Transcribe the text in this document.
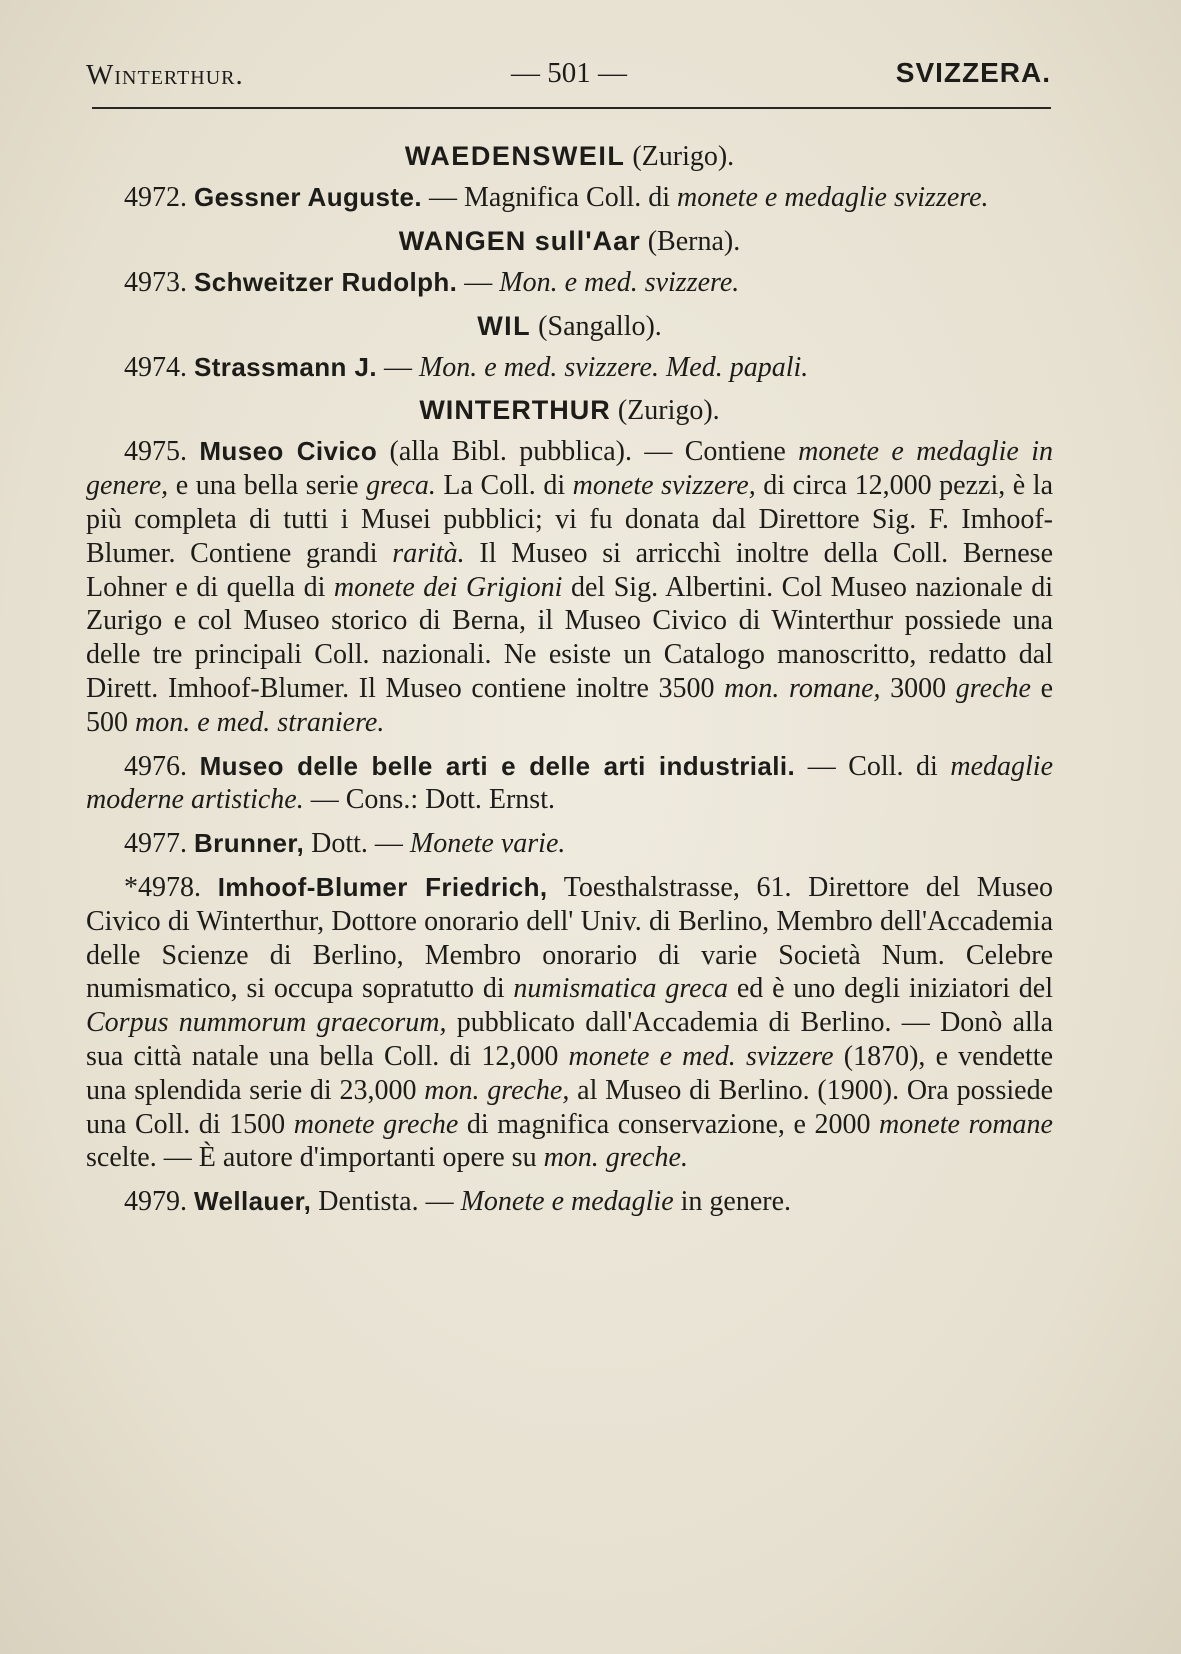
Winterthur.	— 501 —	SVIZZERA.
WAEDENSWEIL (Zurigo).

4972. Gessner Auguste. — Magnifica Coll. di monete e medaglie svizzere.

WANGEN sull'Aar (Berna).

4973. Schweitzer Rudolph. — Mon. e med. svizzere.

WIL (Sangallo).

4974. Strassmann J. — Mon. e med. svizzere. Med. papali.

WINTERTHUR (Zurigo).

4975. Museo Civico (alla Bibl. pubblica). — Contiene monete e medaglie in genere, e una bella serie greca. La Coll. di monete svizzere, di circa 12,000 pezzi, è la più completa di tutti i Musei pubblici; vi fu donata dal Direttore Sig. F. Imhoof-Blumer. Contiene grandi rarità. Il Museo si arricchì inoltre della Coll. Bernese Lohner e di quella di monete dei Grigioni del Sig. Albertini. Col Museo nazionale di Zurigo e col Museo storico di Berna, il Museo Civico di Winterthur possiede una delle tre principali Coll. nazionali. Ne esiste un Catalogo manoscritto, redatto dal Dirett. Imhoof-Blumer. Il Museo contiene inoltre 3500 mon. romane, 3000 greche e 500 mon. e med. straniere.

4976. Museo delle belle arti e delle arti industriali. — Coll. di medaglie moderne artistiche. — Cons.: Dott. Ernst.

4977. Brunner, Dott. — Monete varie.

*4978. Imhoof-Blumer Friedrich, Toesthalstrasse, 61. Direttore del Museo Civico di Winterthur, Dottore onorario dell' Univ. di Berlino, Membro dell'Accademia delle Scienze di Berlino, Membro onorario di varie Società Num. Celebre numismatico, si occupa sopratutto di numismatica greca ed è uno degli iniziatori del Corpus nummorum graecorum, pubblicato dall'Accademia di Berlino. — Donò alla sua città natale una bella Coll. di 12,000 monete e med. svizzere (1870), e vendette una splendida serie di 23,000 mon. greche, al Museo di Berlino. (1900). Ora possiede una Coll. di 1500 monete greche di magnifica conservazione, e 2000 monete romane scelte. — È autore d'importanti opere su mon. greche.

4979. Wellauer, Dentista. — Monete e medaglie in genere.
